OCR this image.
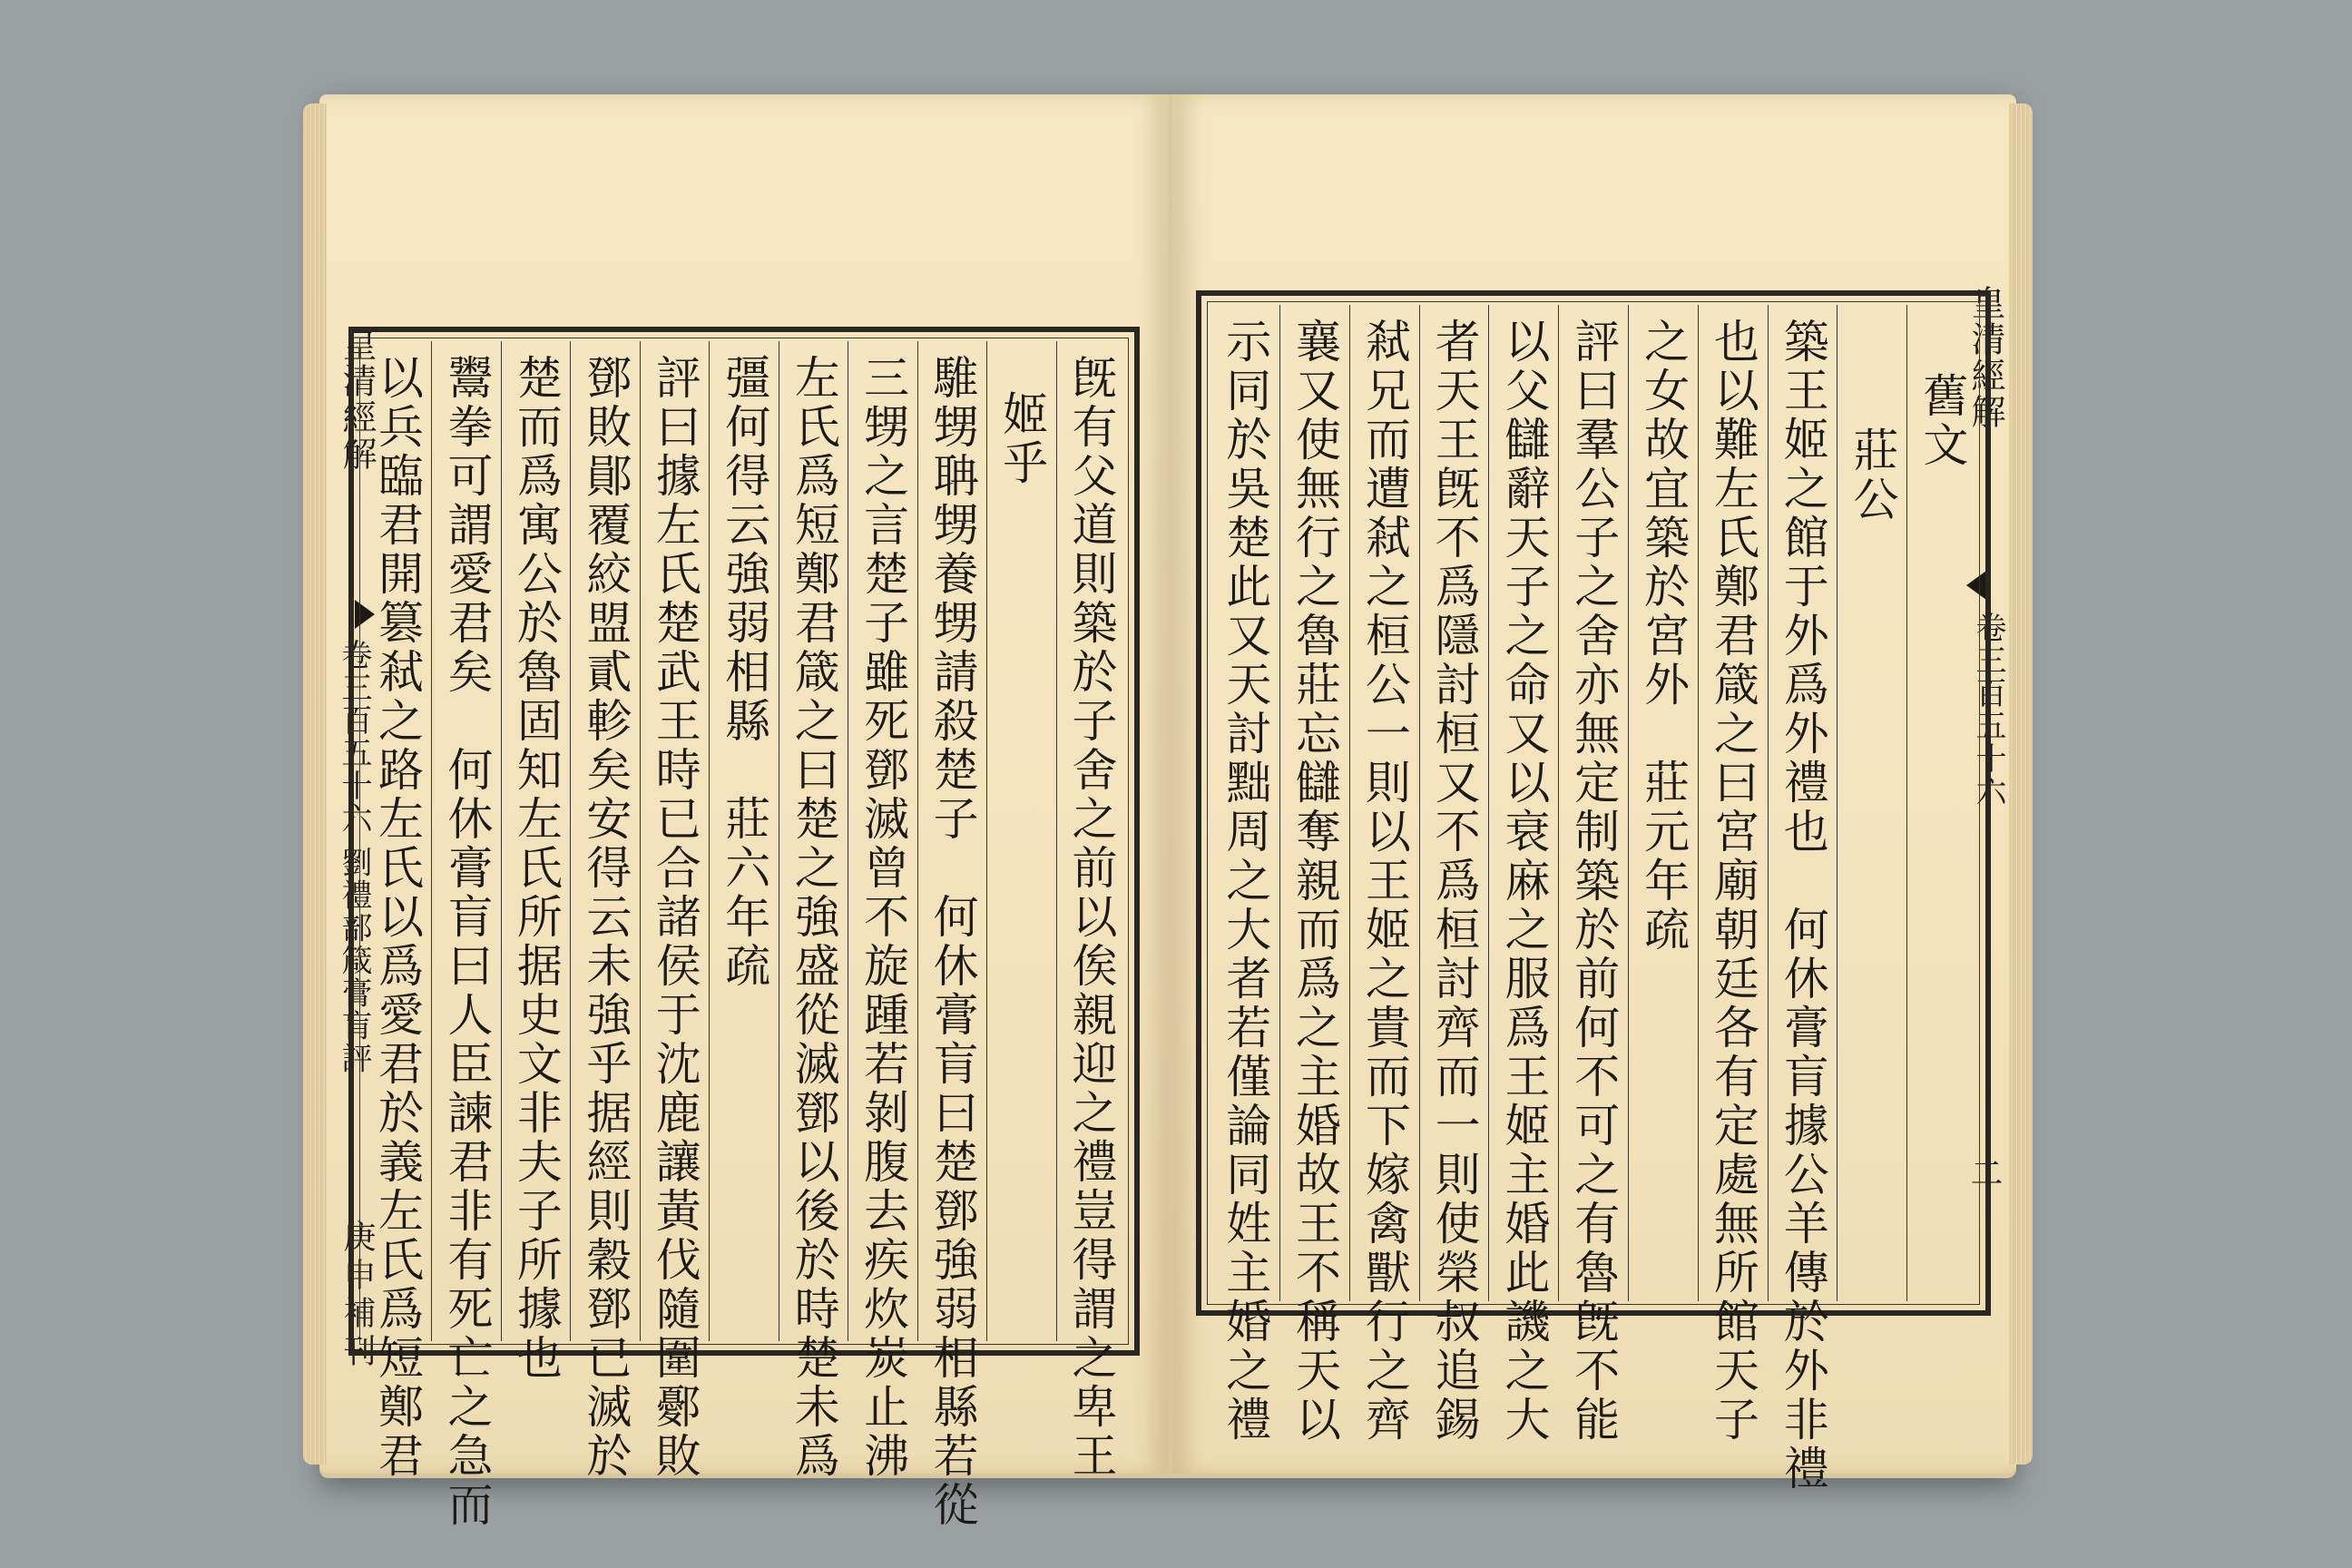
皇清經解
卷三百五十六 劉禮部箴膏肓評
庚申補刊	旣有父道則築於子舍之前以俟親迎之禮豈得謂之卑王
姬乎
騅甥聃甥養甥請殺楚子　何休膏肓曰楚鄧強弱相縣若從
三甥之言楚子雖死鄧滅曾不旋踵若剝腹去疾炊炭止沸
左氏爲短鄭君箴之曰楚之強盛從滅鄧以後於時楚未爲
彊何得云強弱相縣　莊六年疏
評曰據左氏楚武王時已合諸侯于沈鹿讓黃伐隨圍鄾敗
鄧敗鄖覆絞盟貳軫矣安得云未強乎据經則穀鄧已滅於
楚而爲寓公於魯固知左氏所据史文非夫子所據也
鬻拳可謂愛君矣　何休膏肓曰人臣諫君非有死亡之急而
以兵臨君開篡弒之路左氏以爲愛君於義左氏爲短鄭君	皇清經解
卷三百五十六
二
舊文
莊公
築王姬之館于外爲外禮也　何休膏肓據公羊傳於外非禮
也以難左氏鄭君箴之曰宮廟朝廷各有定處無所館天子
之女故宜築於宮外　莊元年疏
評曰羣公子之舍亦無定制築於前何不可之有魯旣不能
以父讎辭天子之命又以衰麻之服爲王姬主婚此譏之大
者天王旣不爲隱討桓又不爲桓討齊而一則使榮叔追錫
弒兄而遭弒之桓公一則以王姬之貴而下嫁禽獸行之齊
襄又使無行之魯莊忘讎奪親而爲之主婚故王不稱天以
示同於吳楚此又天討黜周之大者若僅論同姓主婚之禮
